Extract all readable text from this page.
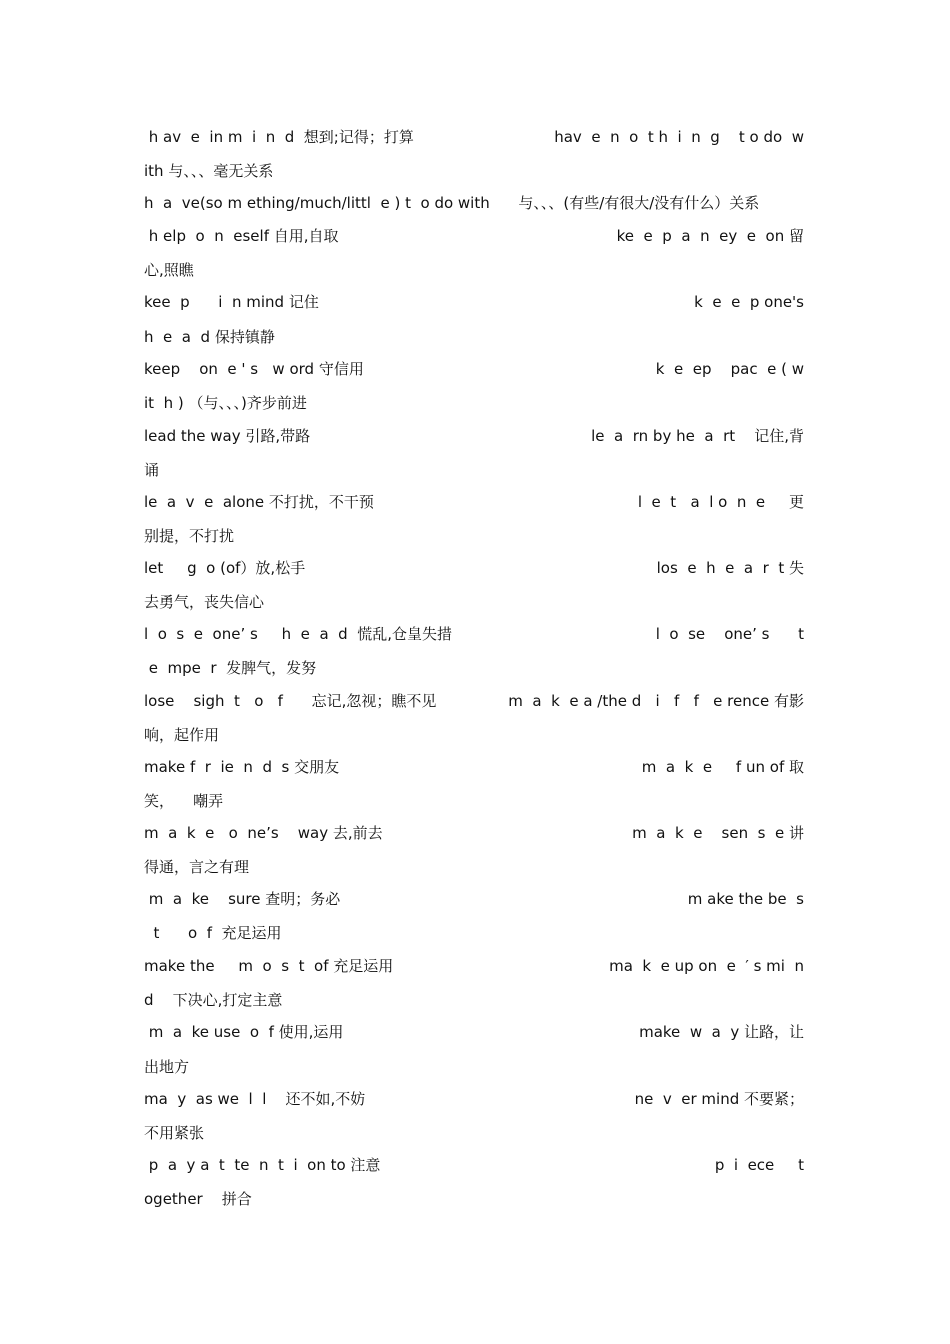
h av  e  in m  i  n  d  想到;记得；打算	hav  e  n  o  t h  i  n  g    t o do  w
ith 与、、、毫无关系
h  a  ve(so m ething/much/littl  e ) t  o do with      与、、、(有些/有很大/没有什么）关系
h elp  o  n  eself 自用,自取	ke  e  p  a  n  ey  e  on 留
心,照瞧
kee  p      i  n mind 记住	k  e  e  p one's
h  e  a  d 保持镇静
keep    on  e ' s   w ord 守信用	k  e  ep    pac  e ( w
it  h ) （与、、、)齐步前进
lead the way 引路,带路	le  a  rn by he  a  rt    记住,背
诵
le  a  v  e  alone 不打扰，不干预	l  e  t   a  l o  n  e     更
别提，不打扰
let     g  o (of）放,松手	los  e  h  e  a  r  t 失
去勇气，丧失信心
l  o  s  e  one’ s     h  e  a  d  慌乱,仓皇失措	l  o  se    one’ s      t
e  mpe  r  发脾气，发努
lose    sigh  t   o   f      忘记,忽视；瞧不见	m  a  k  e a /the d   i   f   f   e rence 有影
响，起作用
make f  r  ie  n  d  s 交朋友	m  a  k  e     f un of 取
笑，    嘲弄
m  a  k  e   o  ne’s    way 去,前去	m  a  k  e    sen  s  e 讲
得通，言之有理
m  a  ke    sure 查明；务必	m ake the be  s
t      o  f  充足运用
make the     m  o  s  t  of 充足运用	ma  k  e up on  e  ′ s mi  n
d    下决心,打定主意
m  a  ke use  o  f 使用,运用	make  w  a  y 让路，让
出地方
ma  y  as we  l  l    还不如,不妨	ne  v  er mind 不要紧；
不用紧张
p  a  y a  t  te  n  t  i  on to 注意	p  i  ece     t
ogether    拼合
